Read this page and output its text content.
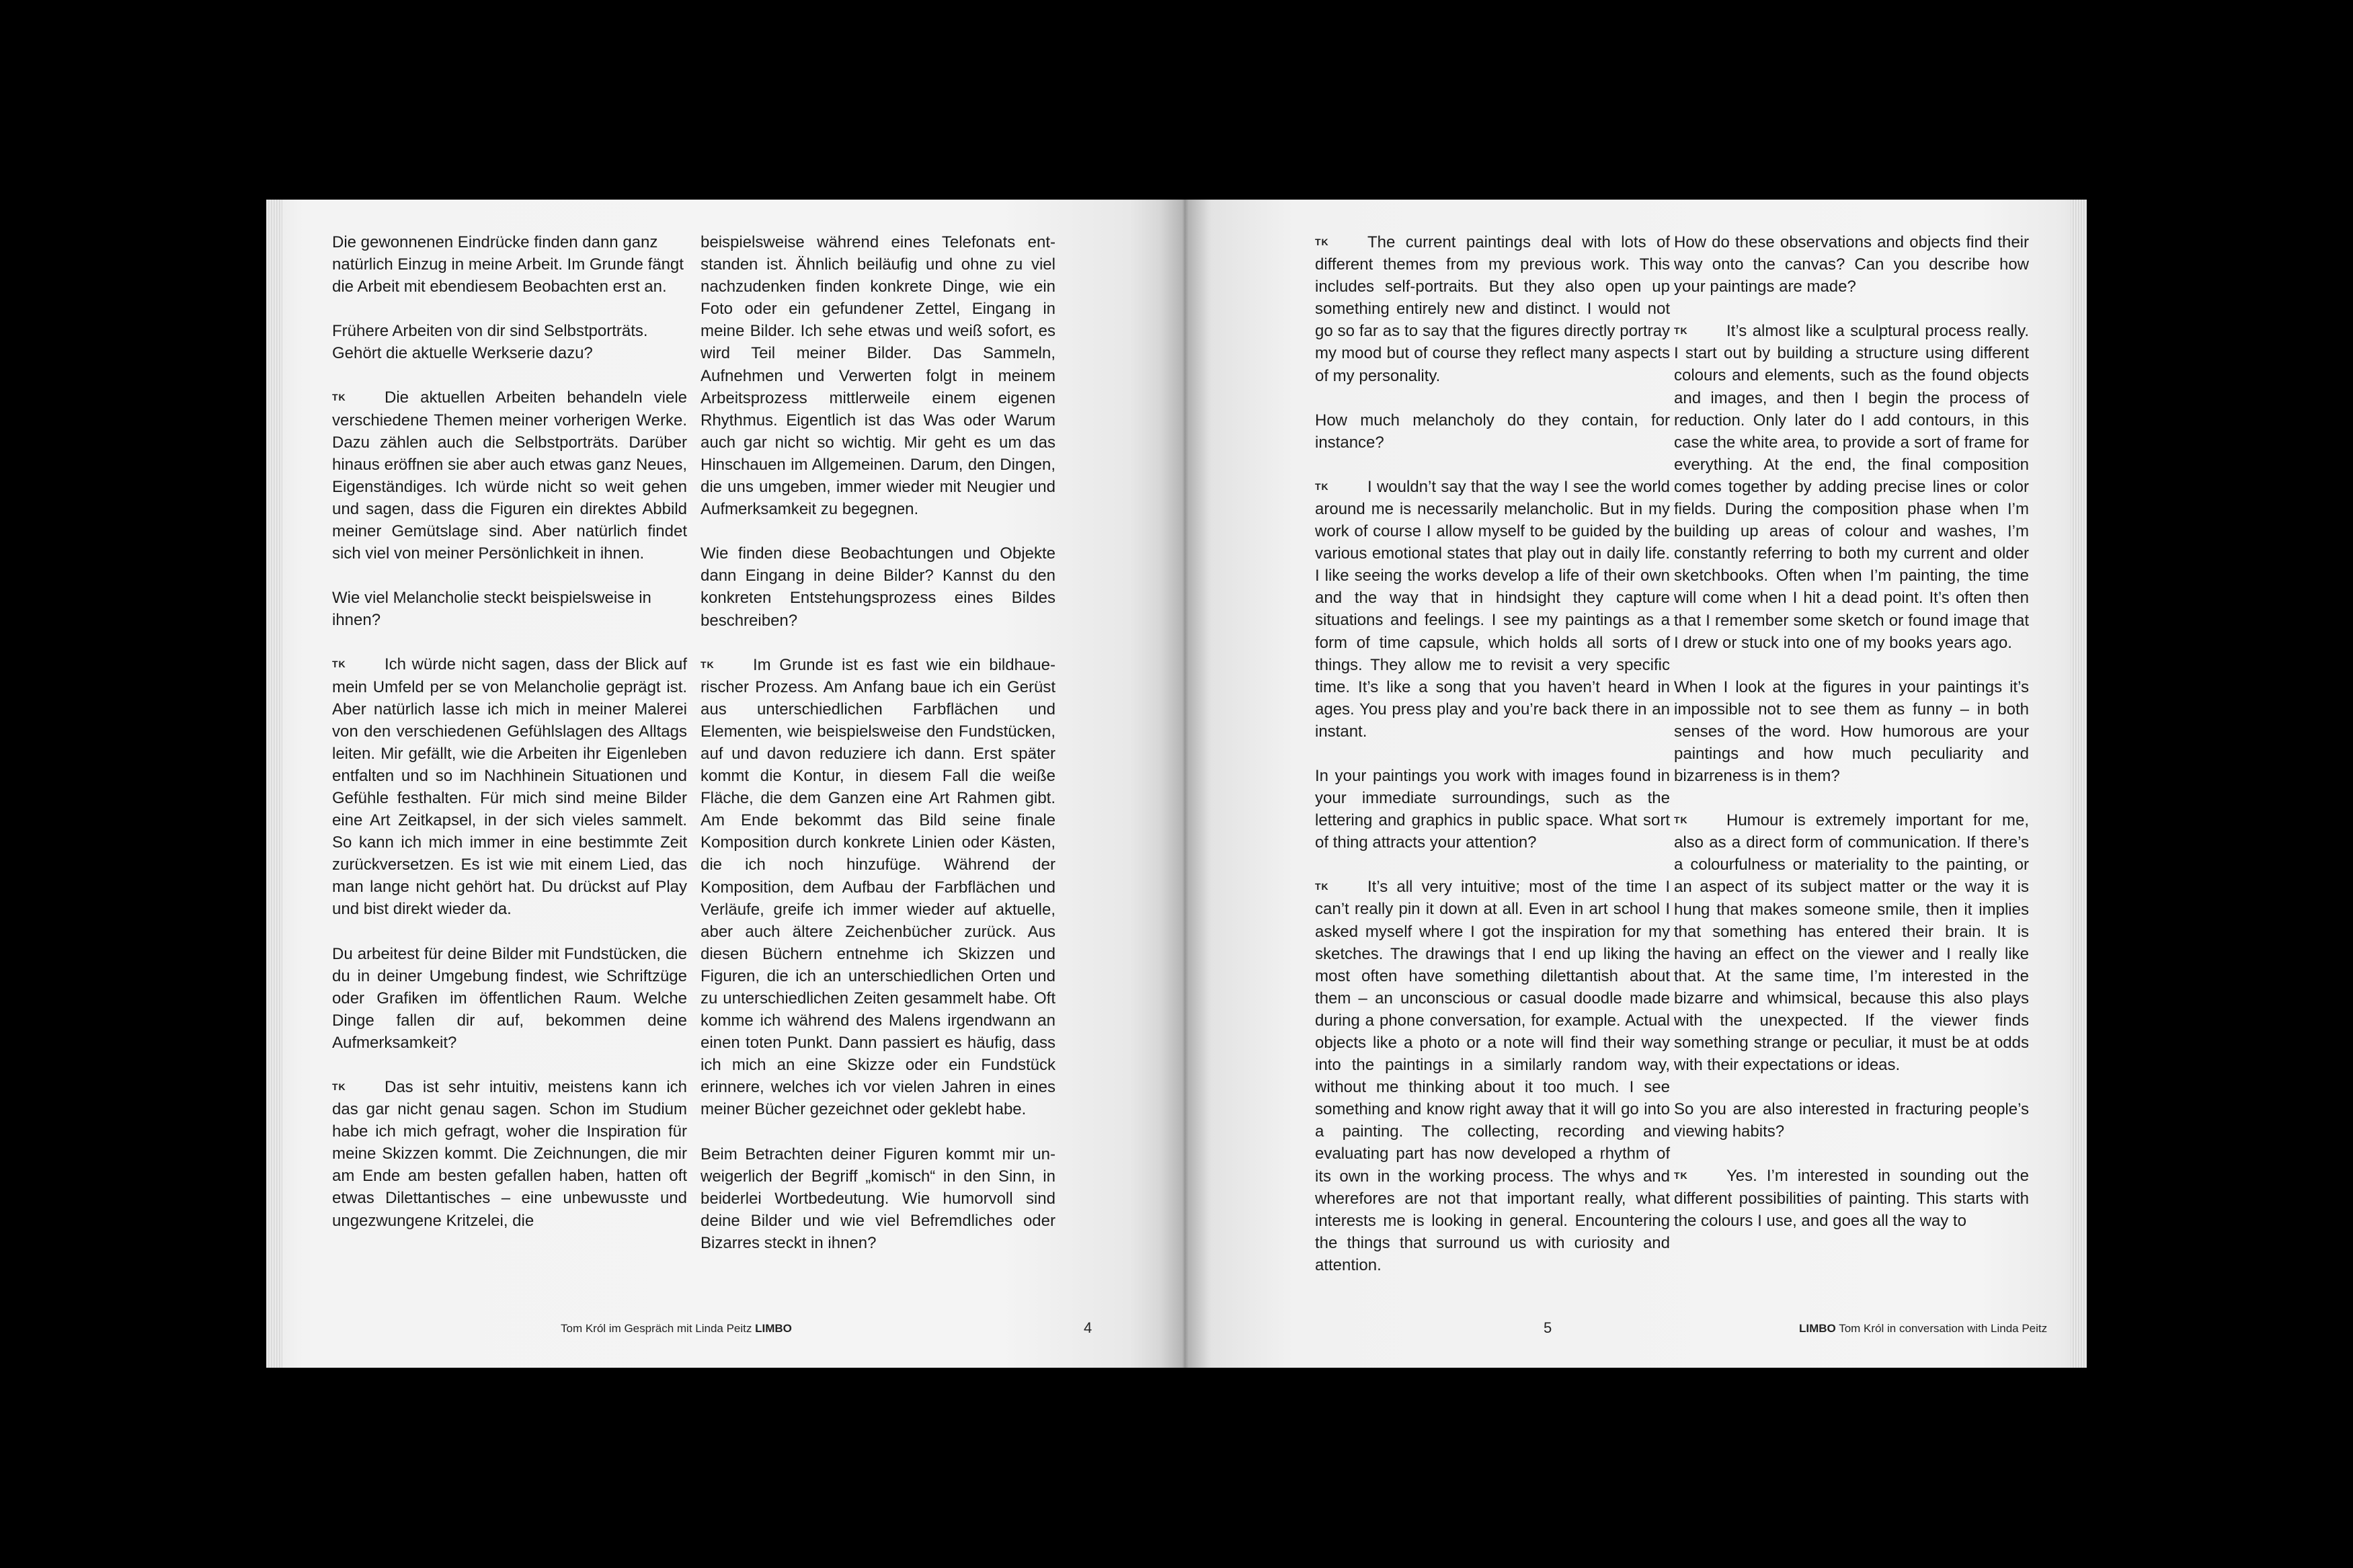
Die gewonnenen Eindrücke finden dann ganz natürlich Einzug in meine Arbeit. Im Grunde fängt die Arbeit mit ebendiesem Beobachten erst an.

Frühere Arbeiten von dir sind Selbstporträts. Gehört die aktuelle Werkserie dazu?

TK Die aktuellen Arbeiten behandeln viele verschiedene Themen meiner vorherigen Werke. Dazu zählen auch die Selbstporträts. Darüber hinaus eröffnen sie aber auch etwas ganz Neues, Eigenständiges. Ich würde nicht so weit gehen und sagen, dass die Figuren ein direktes Abbild meiner Gemütslage sind. Aber natürlich findet sich viel von meiner Persönlichkeit in ihnen.

Wie viel Melancholie steckt beispielsweise in ihnen?

TK Ich würde nicht sagen, dass der Blick auf mein Umfeld per se von Melancholie geprägt ist. Aber natürlich lasse ich mich in meiner Malerei von den verschiedenen Gefühlslagen des Alltags leiten. Mir gefällt, wie die Arbeiten ihr Eigenleben entfalten und so im Nachhinein Situationen und Gefühle festhalten. Für mich sind meine Bilder eine Art Zeitkapsel, in der sich vieles sammelt. So kann ich mich immer in eine bestimmte Zeit zurückversetzen. Es ist wie mit einem Lied, das man lange nicht gehört hat. Du drückst auf Play und bist direkt wieder da.

Du arbeitest für deine Bilder mit Fundstücken, die du in deiner Umgebung findest, wie Schriftzüge oder Grafiken im öffentlichen Raum. Welche Dinge fallen dir auf, bekommen deine Aufmerksamkeit?

TK Das ist sehr intuitiv, meistens kann ich das gar nicht genau sagen. Schon im Studium habe ich mich gefragt, woher die Inspiration für meine Skizzen kommt. Die Zeichnungen, die mir am Ende am besten gefallen haben, hatten oft etwas Dilettantisches – eine unbewusste und ungezwungene Kritzelei, die

beispielsweise während eines Telefonats entstanden ist. Ähnlich beiläufig und ohne zu viel nachzudenken finden konkrete Dinge, wie ein Foto oder ein gefundener Zettel, Eingang in meine Bilder. Ich sehe etwas und weiß sofort, es wird Teil meiner Bilder. Das Sammeln, Aufnehmen und Verwerten folgt in meinem Arbeitsprozess mittlerweile einem eigenen Rhythmus. Eigentlich ist das Was oder Warum auch gar nicht so wichtig. Mir geht es um das Hinschauen im Allgemeinen. Darum, den Dingen, die uns umgeben, immer wieder mit Neugier und Aufmerksamkeit zu begegnen.

Wie finden diese Beobachtungen und Objekte dann Eingang in deine Bilder? Kannst du den konkreten Entstehungsprozess eines Bildes beschreiben?

TK Im Grunde ist es fast wie ein bildhauerischer Prozess. Am Anfang baue ich ein Gerüst aus unterschiedlichen Farbflächen und Elementen, wie beispielsweise den Fundstücken, auf und davon reduziere ich dann. Erst später kommt die Kontur, in diesem Fall die weiße Fläche, die dem Ganzen eine Art Rahmen gibt. Am Ende bekommt das Bild seine finale Komposition durch konkrete Linien oder Kästen, die ich noch hinzufüge. Während der Komposition, dem Aufbau der Farbflächen und Verläufe, greife ich immer wieder auf aktuelle, aber auch ältere Zeichenbücher zurück. Aus diesen Büchern entnehme ich Skizzen und Figuren, die ich an unterschiedlichen Orten und zu unterschiedlichen Zeiten gesammelt habe. Oft komme ich während des Malens irgendwann an einen toten Punkt. Dann passiert es häufig, dass ich mich an eine Skizze oder ein Fundstück erinnere, welches ich vor vielen Jahren in eines meiner Bücher gezeichnet oder geklebt habe.

Beim Betrachten deiner Figuren kommt mir unweigerlich der Begriff „komisch“ in den Sinn, in beiderlei Wortbedeutung. Wie humorvoll sind deine Bilder und wie viel Befremdliches oder Bizarres steckt in ihnen?

Tom Król im Gespräch mit Linda Peitz LIMBO	4

TK The current paintings deal with lots of different themes from my previous work. This includes self-portraits. But they also open up something entirely new and distinct. I would not go so far as to say that the figures directly portray my mood but of course they reflect many aspects of my personality.

How much melancholy do they contain, for instance?

TK I wouldn’t say that the way I see the world around me is necessarily melancholic. But in my work of course I allow myself to be guided by the various emotional states that play out in daily life. I like seeing the works develop a life of their own and the way that in hindsight they capture situations and feelings. I see my paintings as a form of time capsule, which holds all sorts of things. They allow me to revisit a very specific time. It’s like a song that you haven’t heard in ages. You press play and you’re back there in an instant.

In your paintings you work with images found in your immediate surroundings, such as the lettering and graphics in public space. What sort of thing attracts your attention?

TK It’s all very intuitive; most of the time I can’t really pin it down at all. Even in art school I asked myself where I got the inspiration for my sketches. The drawings that I end up liking the most often have something dilettantish about them – an unconscious or casual doodle made during a phone conversation, for example. Actual objects like a photo or a note will find their way into the paintings in a similarly random way, without me thinking about it too much. I see something and know right away that it will go into a painting. The collecting, recording and evaluating part has now developed a rhythm of its own in the working process. The whys and wherefores are not that important really, what interests me is looking in general. Encountering the things that surround us with curiosity and attention.

How do these observations and objects find their way onto the canvas? Can you describe how your paintings are made?

TK It’s almost like a sculptural process really. I start out by building a structure using different colours and elements, such as the found objects and images, and then I begin the process of reduction. Only later do I add contours, in this case the white area, to provide a sort of frame for everything. At the end, the final composition comes together by adding precise lines or color fields. During the composition phase when I’m building up areas of colour and washes, I’m constantly referring to both my current and older sketchbooks. Often when I’m painting, the time will come when I hit a dead point. It’s often then that I remember some sketch or found image that I drew or stuck into one of my books years ago.

When I look at the figures in your paintings it’s impossible not to see them as funny – in both senses of the word. How humorous are your paintings and how much peculiarity and bizarreness is in them?

TK Humour is extremely important for me, also as a direct form of communication. If there’s a colourfulness or materiality to the painting, or an aspect of its subject matter or the way it is hung that makes someone smile, then it implies that something has entered their brain. It is having an effect on the viewer and I really like that. At the same time, I’m interested in the bizarre and whimsical, because this also plays with the unexpected. If the viewer finds something strange or peculiar, it must be at odds with their expectations or ideas.

So you are also interested in fracturing people’s viewing habits?

TK Yes. I’m interested in sounding out the different possibilities of painting. This starts with the colours I use, and goes all the way to

5	LIMBO Tom Król in conversation with Linda Peitz
